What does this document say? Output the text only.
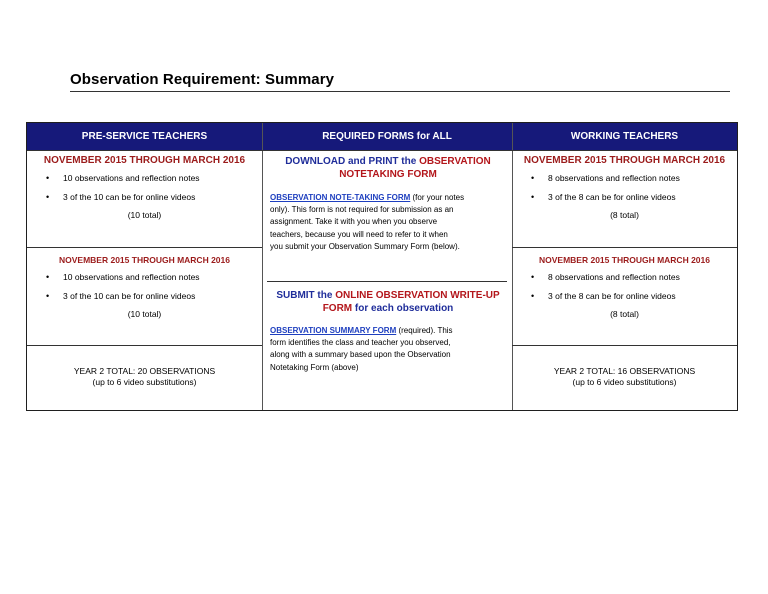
Observation Requirement: Summary
PRE-SERVICE TEACHERS	REQUIRED FORMS for ALL	WORKING TEACHERS
NOVEMBER 2015 THROUGH MARCH 2016
• 10 observations and reflection notes
• 3 of the 10 can be for online videos
(10 total)
NOVEMBER 2015 THROUGH MARCH 2016
• 10 observations and reflection notes
• 3 of the 10 can be for online videos
(10 total)
YEAR 2 TOTAL: 20 OBSERVATIONS
(up to 6 video substitutions)
DOWNLOAD and PRINT the OBSERVATION
NOTETAKING FORM
OBSERVATION NOTE-TAKING FORM (for your notes
only). This form is not required for submission as an
assignment. Take it with you when you observe
teachers, because you will need to refer to it when
you submit your Observation Summary Form (below).
SUBMIT the ONLINE OBSERVATION WRITE-UP
FORM for each observation
OBSERVATION SUMMARY FORM (required). This
form identifies the class and teacher you observed,
along with a summary based upon the Observation
Notetaking Form (above)
NOVEMBER 2015 THROUGH MARCH 2016
• 8 observations and reflection notes
• 3 of the 8 can be for online videos
(8 total)
NOVEMBER 2015 THROUGH MARCH 2016
• 8 observations and reflection notes
• 3 of the 8 can be for online videos
(8 total)
YEAR 2 TOTAL: 16 OBSERVATIONS
(up to 6 video substitutions)
